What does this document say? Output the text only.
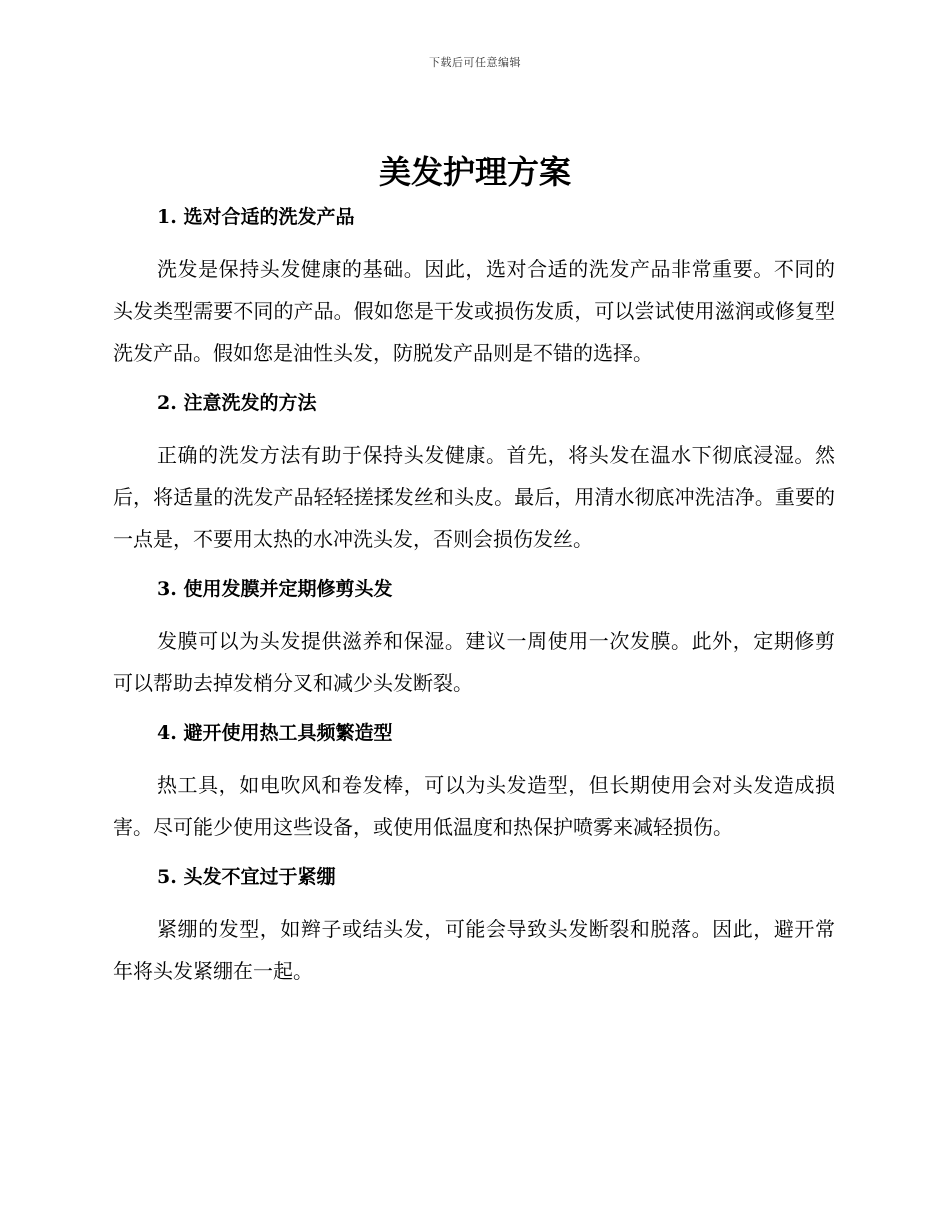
下载后可任意编辑
美发护理方案
1. 选对合适的洗发产品

洗发是保持头发健康的基础。因此，选对合适的洗发产品非常重要。不同的头发类型需要不同的产品。假如您是干发或损伤发质，可以尝试使用滋润或修复型洗发产品。假如您是油性头发，防脱发产品则是不错的选择。

2. 注意洗发的方法

正确的洗发方法有助于保持头发健康。首先，将头发在温水下彻底浸湿。然后，将适量的洗发产品轻轻搓揉发丝和头皮。最后，用清水彻底冲洗洁净。重要的一点是，不要用太热的水冲洗头发，否则会损伤发丝。

3. 使用发膜并定期修剪头发

发膜可以为头发提供滋养和保湿。建议一周使用一次发膜。此外，定期修剪可以帮助去掉发梢分叉和减少头发断裂。

4. 避开使用热工具频繁造型

热工具，如电吹风和卷发棒，可以为头发造型，但长期使用会对头发造成损害。尽可能少使用这些设备，或使用低温度和热保护喷雾来减轻损伤。

5. 头发不宜过于紧绷

紧绷的发型，如辫子或结头发，可能会导致头发断裂和脱落。因此，避开常年将头发紧绷在一起。
